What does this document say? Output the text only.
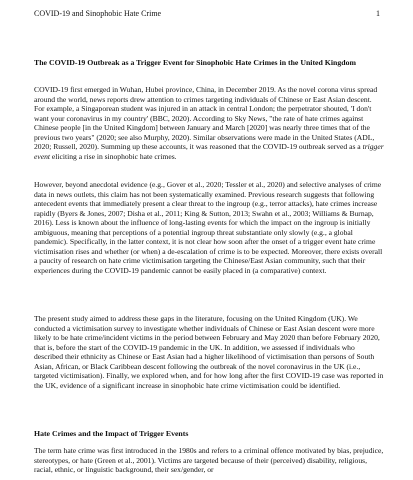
COVID-19 and Sinophobic Hate Crime	1
The COVID-19 Outbreak as a Trigger Event for Sinophobic Hate Crimes in the United Kingdom

COVID-19 first emerged in Wuhan, Hubei province, China, in December 2019. As the novel corona virus spread around the world, news reports drew attention to crimes targeting individuals of Chinese or East Asian descent. For example, a Singaporean student was injured in an attack in central London; the perpetrator shouted, 'I don't want your coronavirus in my country' (BBC, 2020). According to Sky News, "the rate of hate crimes against Chinese people [in the United Kingdom] between January and March [2020] was nearly three times that of the previous two years" (2020; see also Murphy, 2020). Similar observations were made in the United States (ADL, 2020; Russell, 2020). Summing up these accounts, it was reasoned that the COVID-19 outbreak served as a trigger event eliciting a rise in sinophobic hate crimes.

However, beyond anecdotal evidence (e.g., Gover et al., 2020; Tessler et al., 2020) and selective analyses of crime data in news outlets, this claim has not been systematically examined. Previous research suggests that following antecedent events that immediately present a clear threat to the ingroup (e.g., terror attacks), hate crimes increase rapidly (Byers & Jones, 2007; Disha et al., 2011; King & Sutton, 2013; Swahn et al., 2003; Williams & Burnap, 2016). Less is known about the influence of long-lasting events for which the impact on the ingroup is initially ambiguous, meaning that perceptions of a potential ingroup threat substantiate only slowly (e.g., a global pandemic). Specifically, in the latter context, it is not clear how soon after the onset of a trigger event hate crime victimisation rises and whether (or when) a de-escalation of crime is to be expected. Moreover, there exists overall a paucity of research on hate crime victimisation targeting the Chinese/East Asian community, such that their experiences during the COVID-19 pandemic cannot be easily placed in (a comparative) context.

The present study aimed to address these gaps in the literature, focusing on the United Kingdom (UK). We conducted a victimisation survey to investigate whether individuals of Chinese or East Asian descent were more likely to be hate crime/incident victims in the period between February and May 2020 than before February 2020, that is, before the start of the COVID-19 pandemic in the UK. In addition, we assessed if individuals who described their ethnicity as Chinese or East Asian had a higher likelihood of victimisation than persons of South Asian, African, or Black Caribbean descent following the outbreak of the novel coronavirus in the UK (i.e., targeted victimisation). Finally, we explored when, and for how long after the first COVID-19 case was reported in the UK, evidence of a significant increase in sinophobic hate crime victimisation could be identified.

Hate Crimes and the Impact of Trigger Events

The term hate crime was first introduced in the 1980s and refers to a criminal offence motivated by bias, prejudice, stereotypes, or hate (Green et al., 2001). Victims are targeted because of their (perceived) disability, religious, racial, ethnic, or linguistic background, their sex/gender, or
